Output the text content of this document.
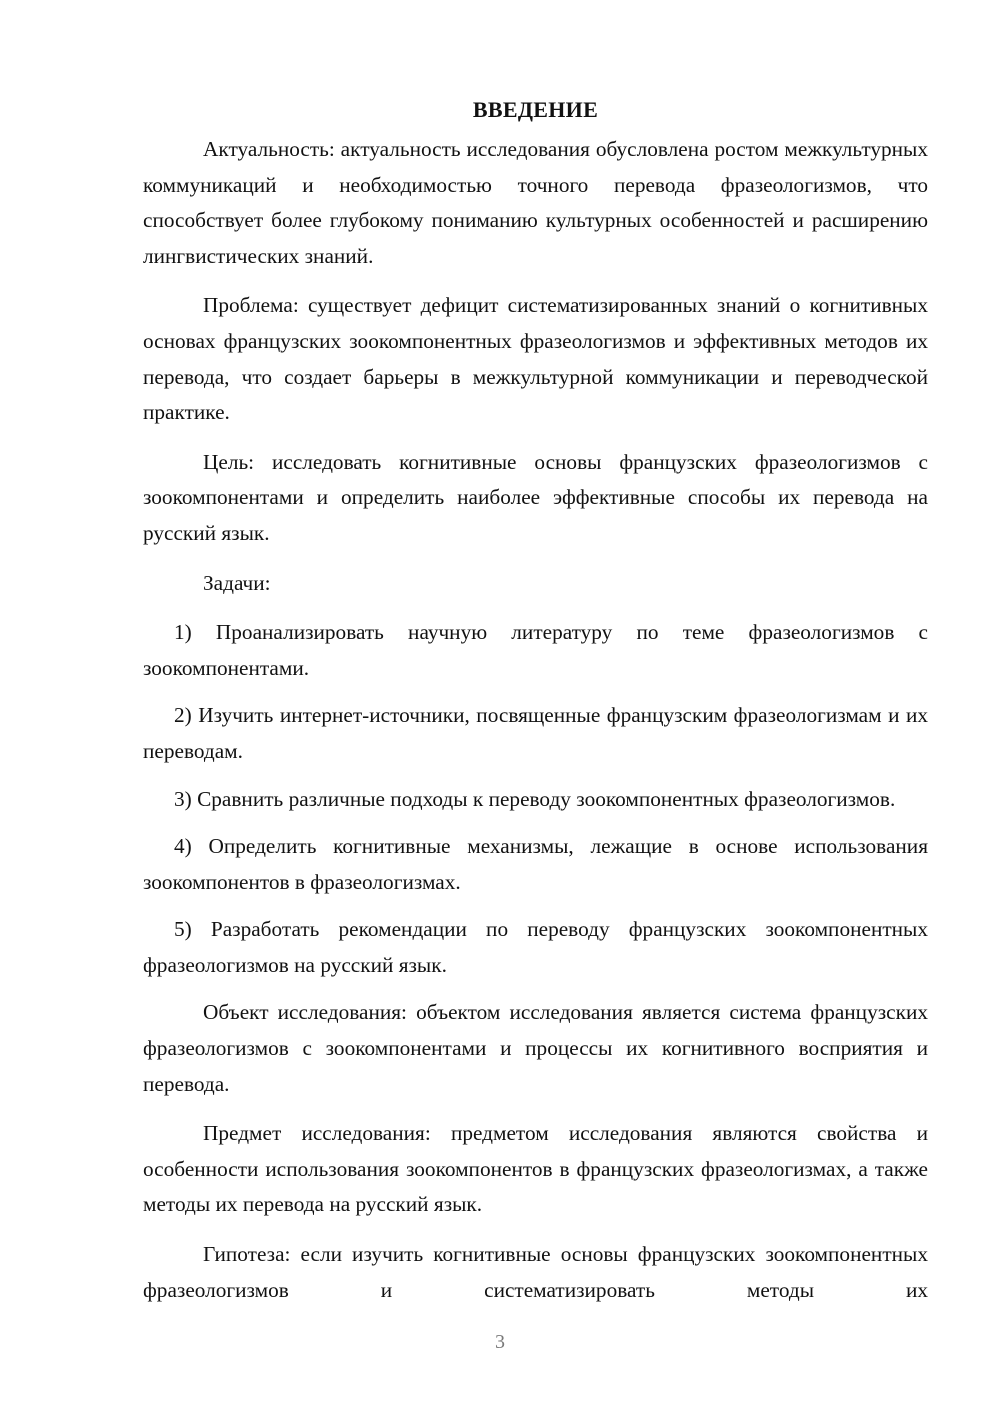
ВВЕДЕНИЕ

Актуальность: актуальность исследования обусловлена ростом межкультурных коммуникаций и необходимостью точного перевода фразеологизмов, что способствует более глубокому пониманию культурных особенностей и расширению лингвистических знаний.

Проблема: существует дефицит систематизированных знаний о когнитивных основах французских зоокомпонентных фразеологизмов и эффективных методов их перевода, что создает барьеры в межкультурной коммуникации и переводческой практике.

Цель: исследовать когнитивные основы французских фразеологизмов с зоокомпонентами и определить наиболее эффективные способы их перевода на русский язык.

Задачи:

1) Проанализировать научную литературу по теме фразеологизмов с зоокомпонентами.

2) Изучить интернет-источники, посвященные французским фразеологизмам и их переводам.

3) Сравнить различные подходы к переводу зоокомпонентных фразеологизмов.

4) Определить когнитивные механизмы, лежащие в основе использования зоокомпонентов в фразеологизмах.

5) Разработать рекомендации по переводу французских зоокомпонентных фразеологизмов на русский язык.

Объект исследования: объектом исследования является система французских фразеологизмов с зоокомпонентами и процессы их когнитивного восприятия и перевода.

Предмет исследования: предметом исследования являются свойства и особенности использования зоокомпонентов в французских фразеологизмах, а также методы их перевода на русский язык.

Гипотеза: если изучить когнитивные основы французских зоокомпонентных фразеологизмов и систематизировать методы их

3
